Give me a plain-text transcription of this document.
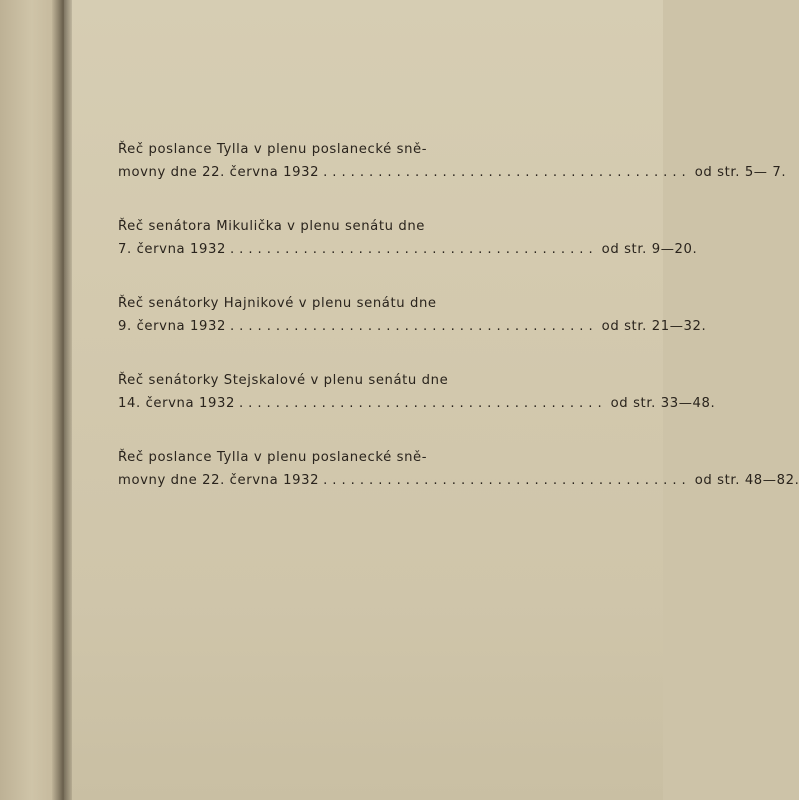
Řeč poslance Tylla v plenu poslanecké sně-
movny dne 22. června 1932 ........................................ od str. 5— 7.
Řeč senátora Mikulička v plenu senátu dne
7. června 1932 ........................................ od str. 9—20.
Řeč senátorky Hajnikové v plenu senátu dne
9. června 1932 ........................................ od str. 21—32.
Řeč senátorky Stejskalové v plenu senátu dne
14. června 1932 ........................................ od str. 33—48.
Řeč poslance Tylla v plenu poslanecké sně-
movny dne 22. června 1932 ........................................ od str. 48—82.
